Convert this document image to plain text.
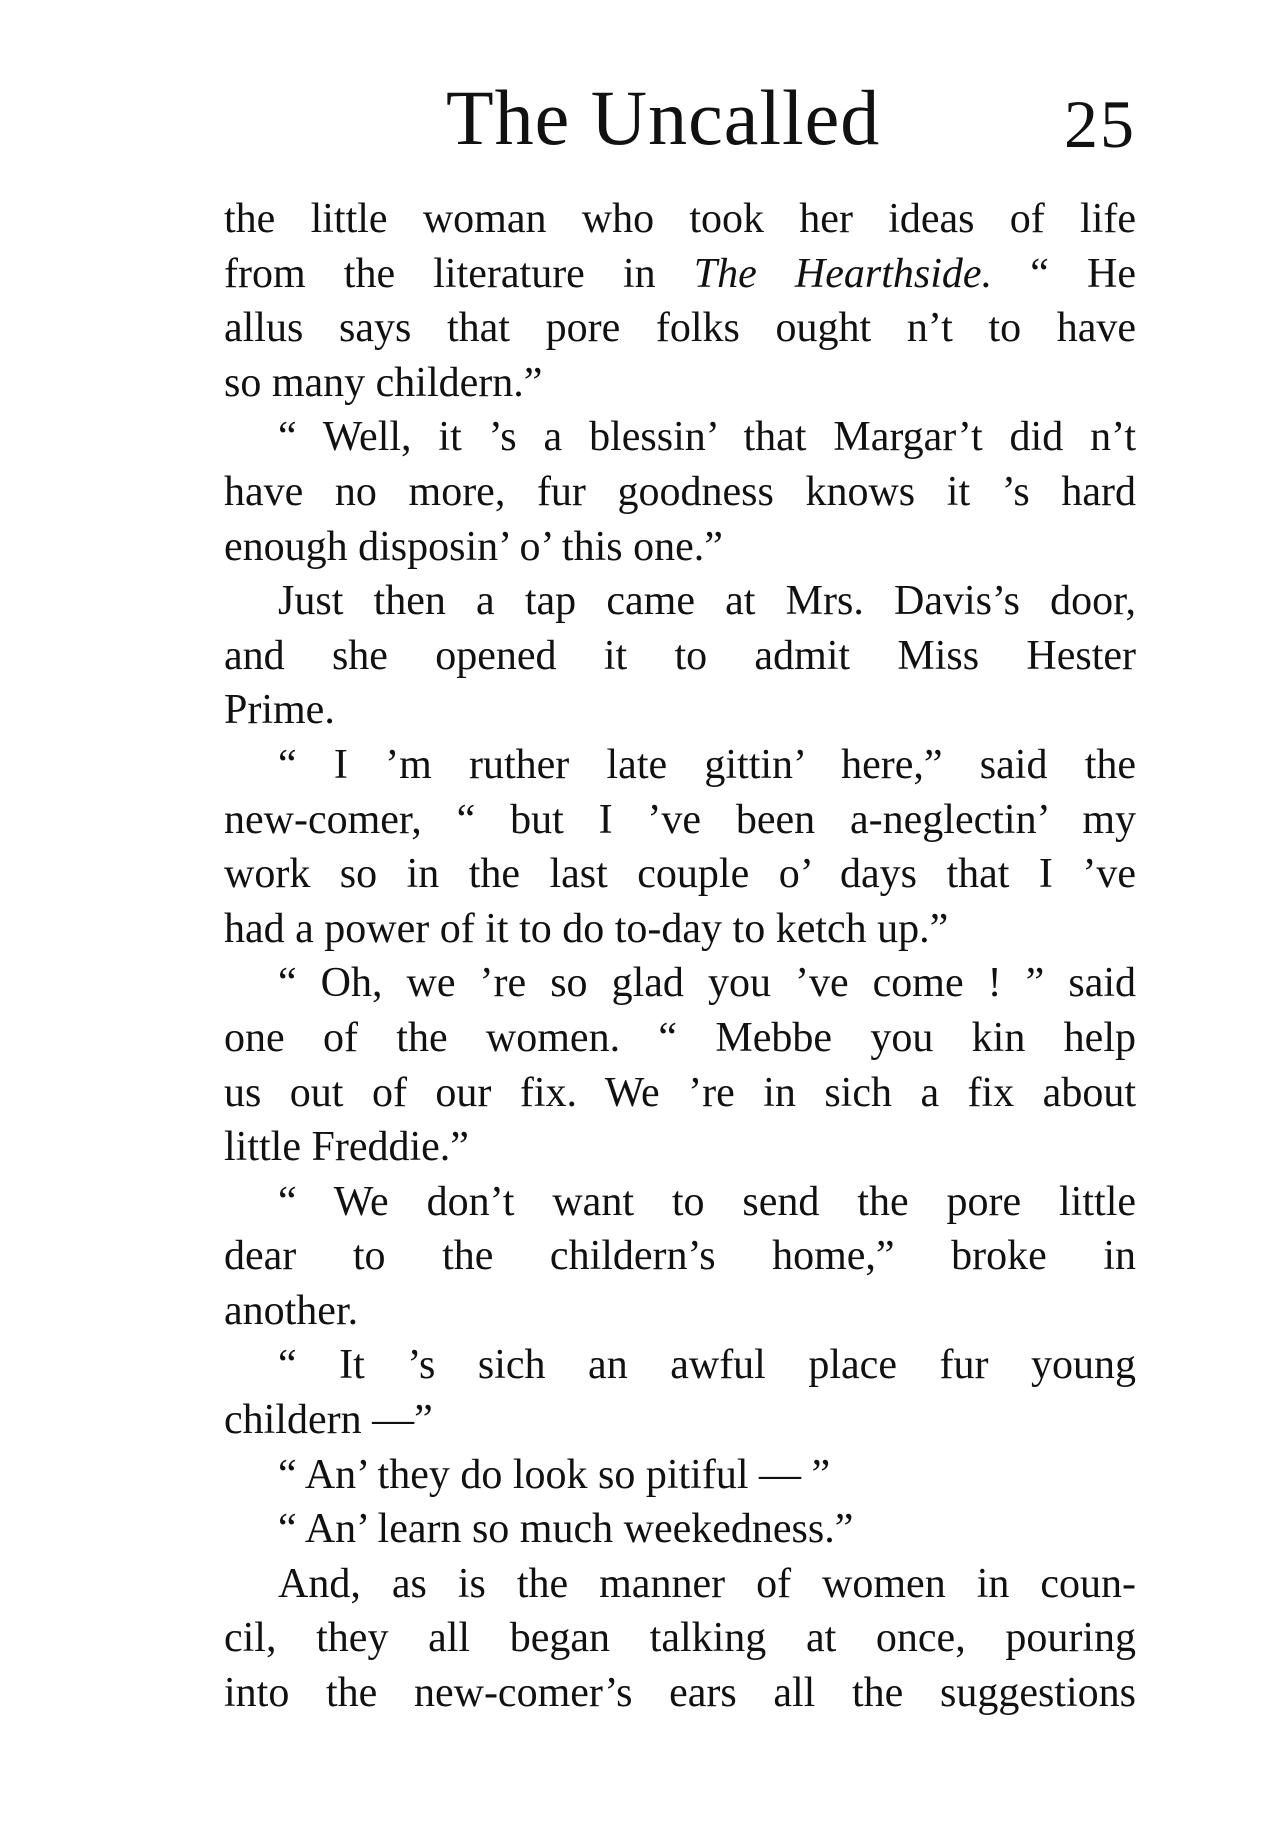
The Uncalled	25
the little woman who took her ideas of life
from the literature in The Hearthside. “ He
allus says that pore folks ought n’t to have
so many childern.”
“ Well, it ’s a blessin’ that Margar’t did n’t
have no more, fur goodness knows it ’s hard
enough disposin’ o’ this one.”
Just then a tap came at Mrs. Davis’s door,
and she opened it to admit Miss Hester
Prime.
“ I ’m ruther late gittin’ here,” said the
new-comer, “ but I ’ve been a-neglectin’ my
work so in the last couple o’ days that I ’ve
had a power of it to do to-day to ketch up.”
“ Oh, we ’re so glad you ’ve come ! ” said
one of the women. “ Mebbe you kin help
us out of our fix. We ’re in sich a fix about
little Freddie.”
“ We don’t want to send the pore little
dear to the childern’s home,” broke in
another.
“ It ’s sich an awful place fur young
childern —”
“ An’ they do look so pitiful — ”
“ An’ learn so much weekedness.”
And, as is the manner of women in coun-
cil, they all began talking at once, pouring
into the new-comer’s ears all the suggestions
